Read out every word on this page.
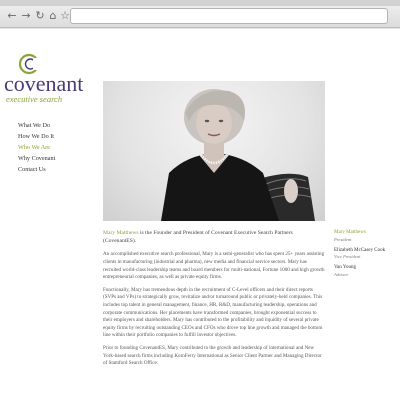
← → ↻ ⌂ ☆
covenant
executive search
What We Do
How We Do It
Who We Are
Why Covenant
Contact Us

Mary Matthews is the Founder and President of Covenant Executive Search Partners (CovenantES).

An accomplished executive search professional, Mary is a semi-generalist who has spent 25+ years assisting clients in manufacturing (industrial and pharma), new media and financial service sectors. Mary has recruited world-class leadership teams and board members for multi-national, Fortune 1000 and high growth entrepreneurial companies, as well as private equity firms.

Functionally, Mary has tremendous depth in the recruitment of C-Level officers and their direct reports (SVPs and VPs) to strategically grow, revitalize and/or turnaround public or privately-held companies. This includes top talent in general management, finance, HR, R&D, manufacturing leadership, operations and corporate communications. Her placements have transformed companies, brought exponential success to their employers and shareholders. Mary has contributed to the profitability and liquidity of several private equity firms by recruiting outstanding CEOs and CFOs who drove top line growth and managed the bottom line within their portfolio companies to fulfill investor objectives.

Prior to founding CovenantES, Mary contributed to the growth and leadership of international and New York-based search firms including KornFerry International as Senior Client Partner and Managing Director of Stamford Search Office.

Mary Matthews
President
Elizabeth McCasey Cook
Vice President
Van Young
Advisor
